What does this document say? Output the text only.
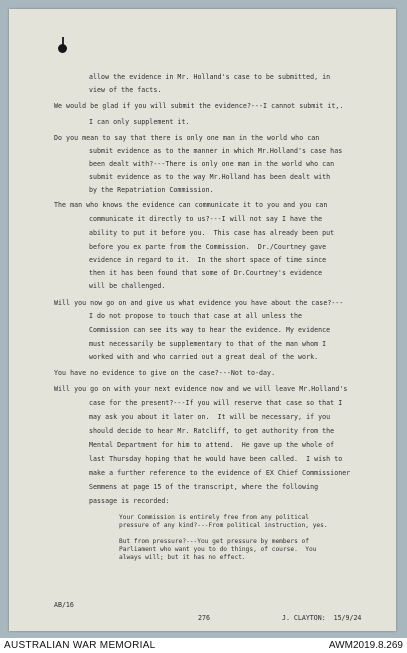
allow the evidence in Mr. Holland's case to be submitted, in
view of the facts.
We would be glad if you will submit the evidence?---I cannot submit it,.
I can only supplement it.
Do you mean to say that there is only one man in the world who can
submit evidence as to the manner in which Mr.Holland's case has
been dealt with?---There is only one man in the world who can
submit evidence as to the way Mr.Holland has been dealt with
by the Repatriation Commission.
The man who knows the evidence can communicate it to you and you can
communicate it directly to us?---I will not say I have the
ability to put it before you.  This case has already been put
before you ex parte from the Commission.  Dr./Courtney gave
evidence in regard to it.  In the short space of time since
then it has been found that some of Dr.Courtney's evidence
will be challenged.
Will you now go on and give us what evidence you have about the case?---
I do not propose to touch that case at all unless the
Commission can see its way to hear the evidence. My evidence
must necessarily be supplementary to that of the man whom I
worked with and who carried out a great deal of the work.
You have no evidence to give on the case?---Not to-day.
Will you go on with your next evidence now and we will leave Mr.Holland's
case for the present?---If you will reserve that case so that I
may ask you about it later on.  It will be necessary, if you
should decide to hear Mr. Ratcliff, to get authority from the
Mental Department for him to attend.  He gave up the whole of
last Thursday hoping that he would have been called.  I wish to
make a further reference to the evidence of EX Chief Commissioner
Semmens at page 15 of the transcript, where the following
passage is recorded:
Your Commission is entirely free from any political
pressure of any kind?---From political instruction, yes.
But from pressure?---You get pressure by members of
Parliament who want you to do things, of course.  You
always will; but it has no effect.
AB/16
276	J. CLAYTON:  15/9/24
AUSTRALIAN WAR MEMORIAL	AWM2019.8.269
